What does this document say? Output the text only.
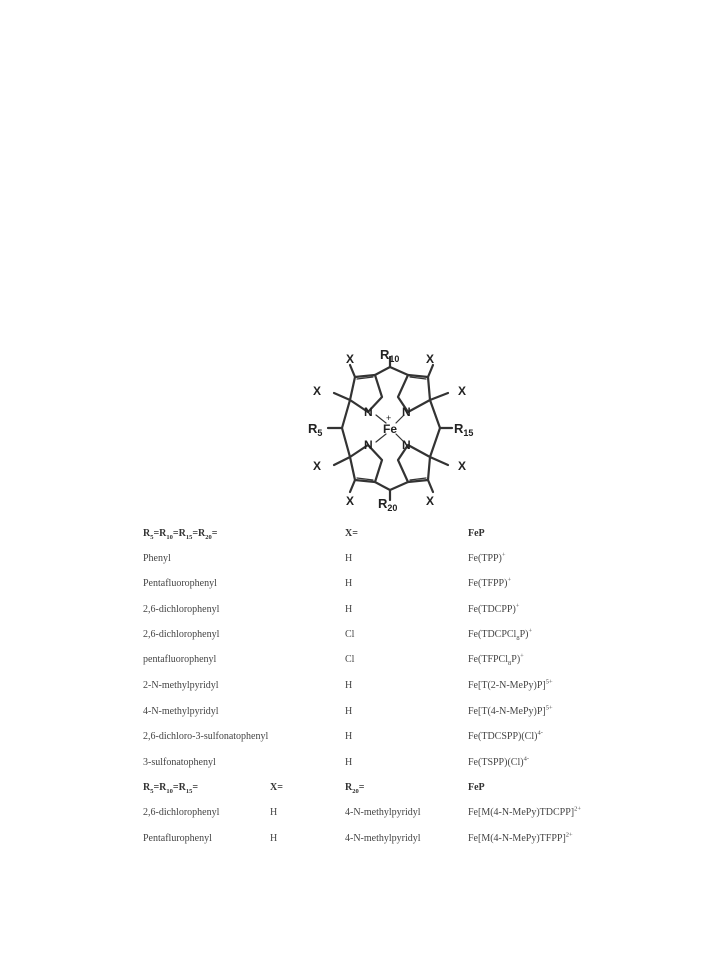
X	X
X	X
X	X
X	X
$R_{10}$
$R_5$	$R_{15}$
$R_{20}$
N N
N N
Fe
+
$R_5=R_{10}=R_{15}=R_{20}=$	X=	FeP
Phenyl	H	Fe(TPP)+
Pentafluorophenyl	H	Fe(TFPP)+
2,6-dichlorophenyl	H	Fe(TDCPP)+
2,6-dichlorophenyl	Cl	Fe(TDCPCl$_8$P)+
pentafluorophenyl	Cl	Fe(TFPCl$_8$P)+
2-N-methylpyridyl	H	Fe[T(2-N-MePy)P]$^{5+}$
4-N-methylpyridyl	H	Fe[T(4-N-MePy)P]$^{5+}$
2,6-dichloro-3-sulfonatophenyl	H	$Fe(TDCSPP)(Cl)^{4-}$
3-sulfonatophenyl	H	$Fe(TSPP)(Cl)^{4-}$
$R_5=R_{10}=R_{15}=$	X=	$R_{20}=$	FeP
2,6-dichlorophenyl	H	4-N-methylpyridyl	Fe[M(4-N-MePy)TDCPP]$^{2+}$
Pentaflurophenyl	H	4-N-methylpyridyl	Fe[M(4-N-MePy)TFPP]$^{2+}$
